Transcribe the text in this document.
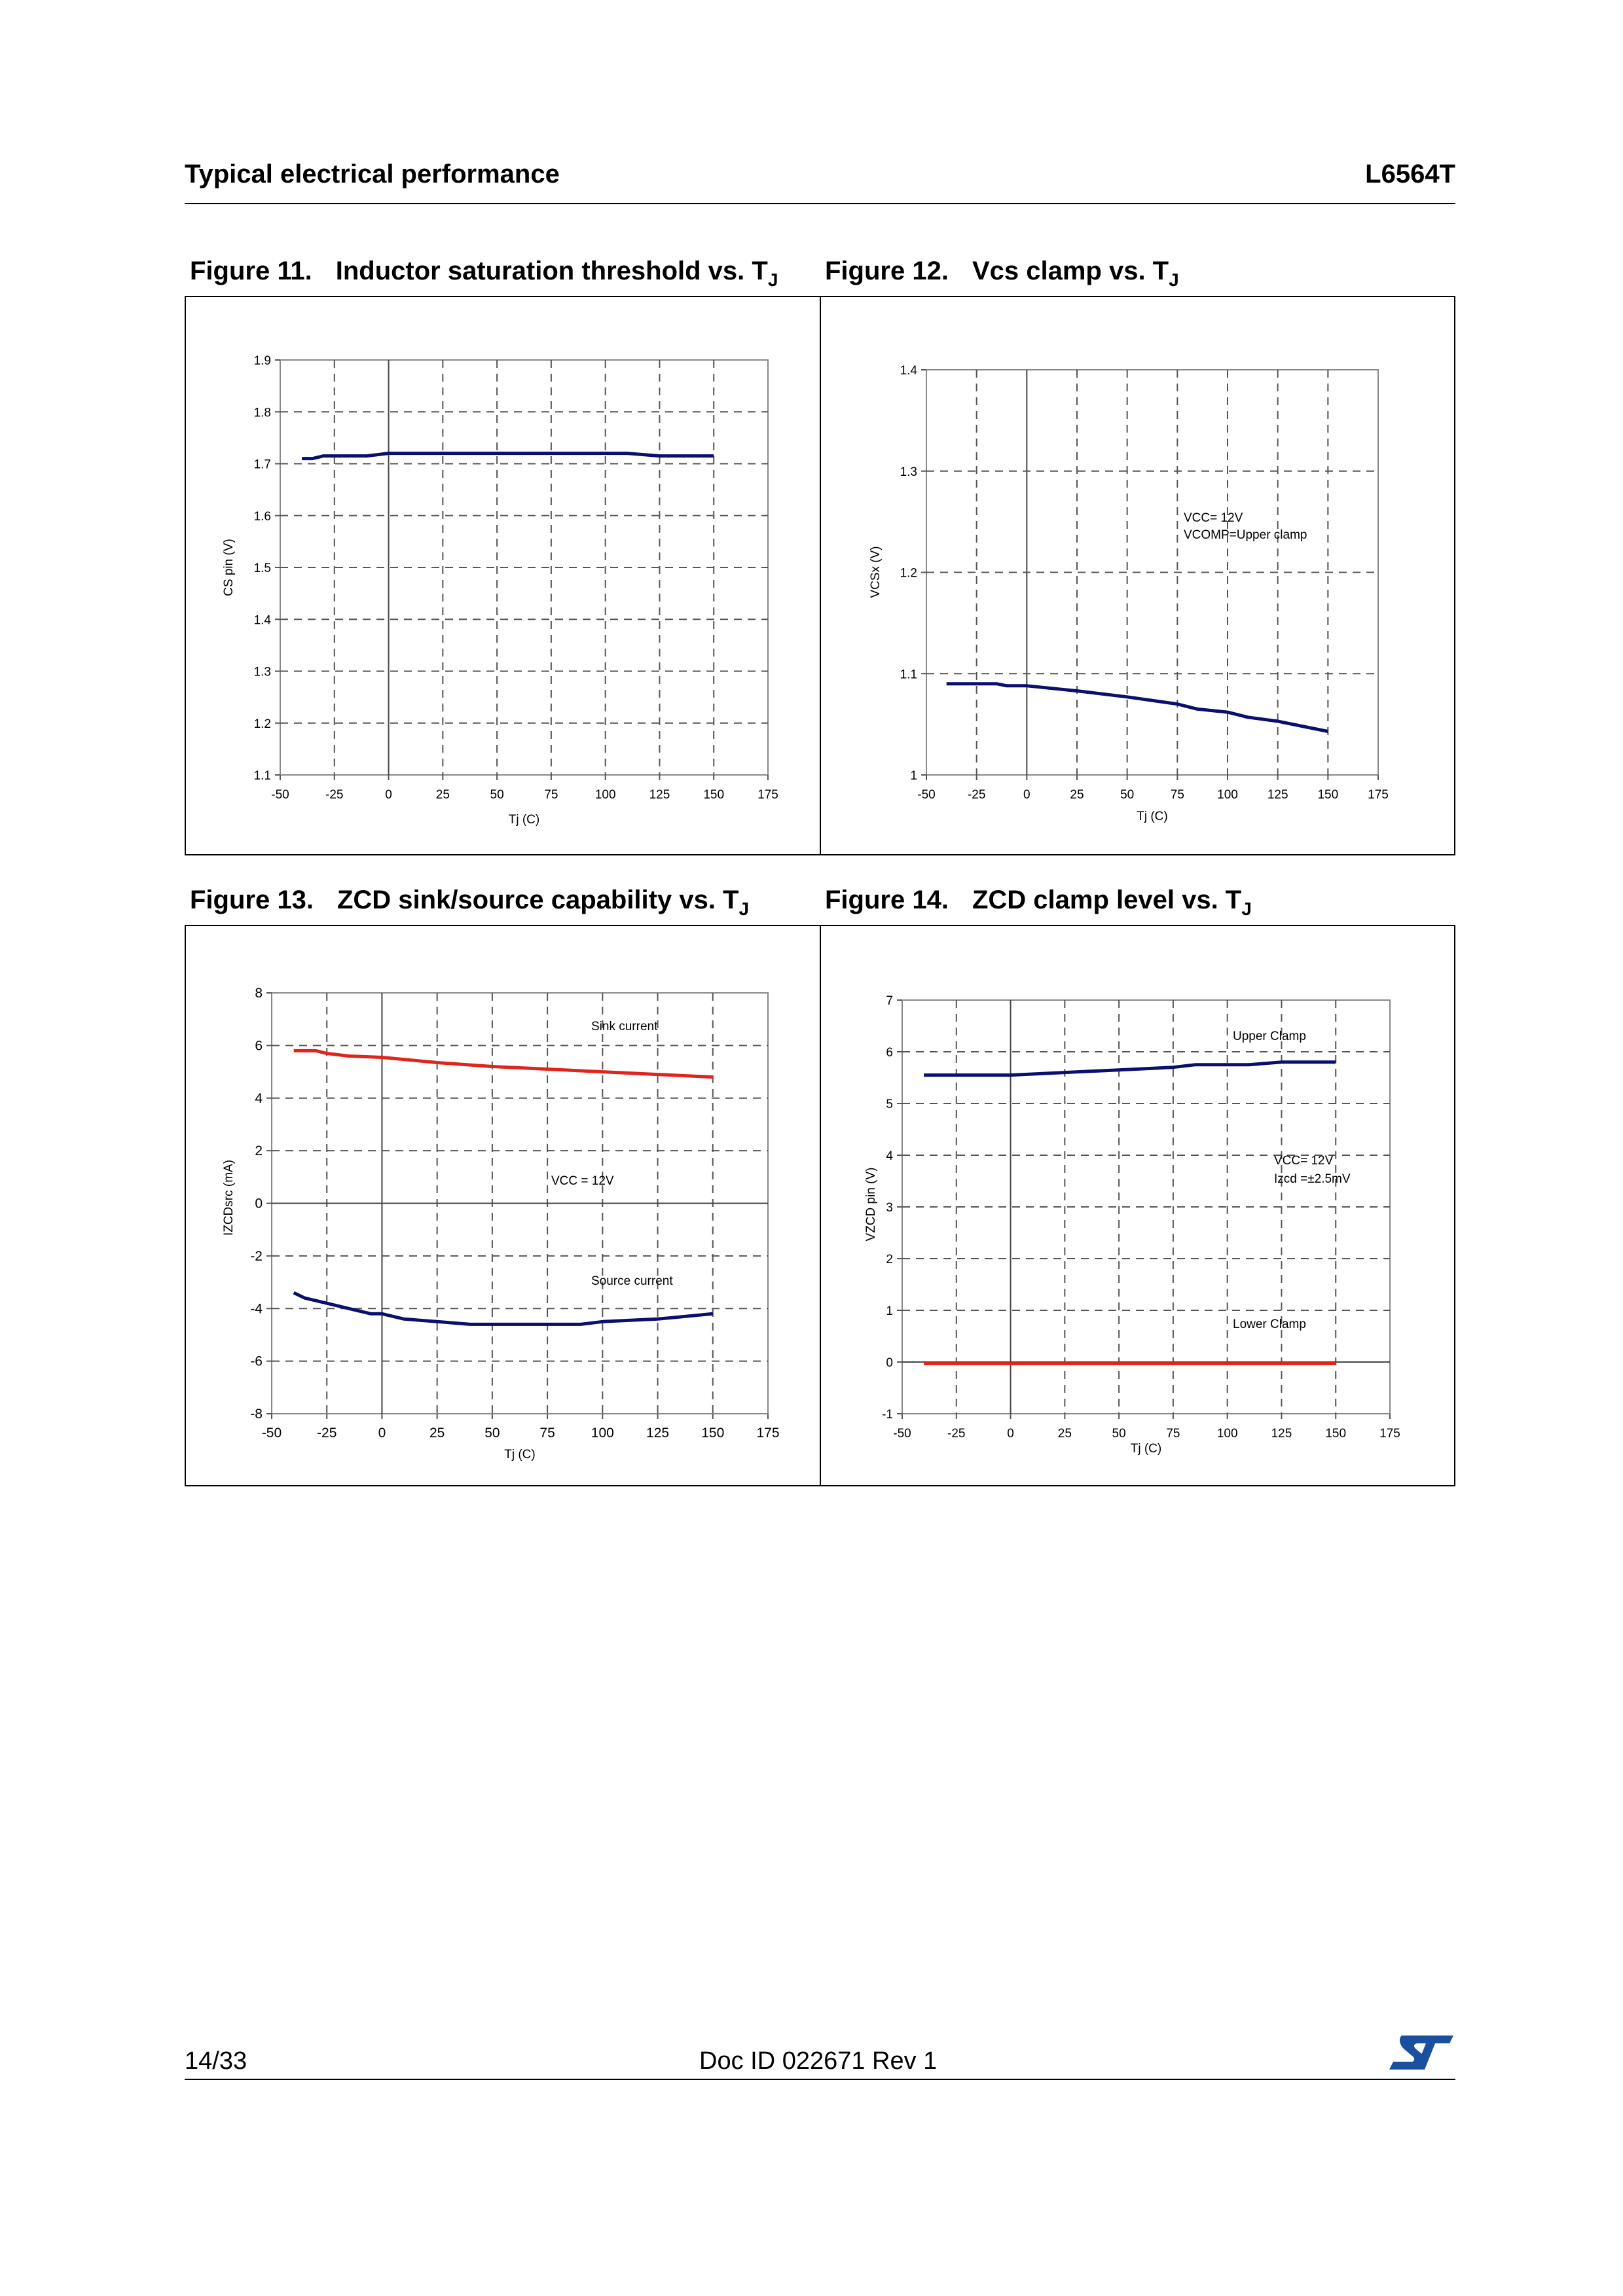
Typical electrical performance	L6564T
Figure 11. Inductor saturation threshold vs. $T_J$ Figure 12. Vcs clamp vs. $T_J$
Figure 13. ZCD sink/source capability vs. $T_J$	Figure 14. ZCD clamp level vs. $T_J$
-50	-25	0	25	50	75	100	125	150	175
1.1
1.2
1.3
1.4
1.5
1.6
1.7
1.8
1.9
Tj (C)
CS pin (V)
-50	-25	0	25	50	75	100 125 150 175
1
1.1
1.2
1.3
1.4
Tj (C)
VCSx (V)
VCC= 12V
VCOMP=Upper clamp
-50	-25	0	25	50	75	100 125 150 175
-8
-6
-4
-2
0
2
4
6
8
Tj (C)
IZCDsrc (mA)
Sink current
VCC = 12V
Source current
-50	-25	0	25	50	75	100	125	150	175
-1
0
1
2
3
4
5
6
7
Tj (C)
VZCD pin (V)
Upper Clamp
VCC= 12V
Izcd =±2.5mV
Lower Clamp
14/33	Doc ID 022671 Rev 1
